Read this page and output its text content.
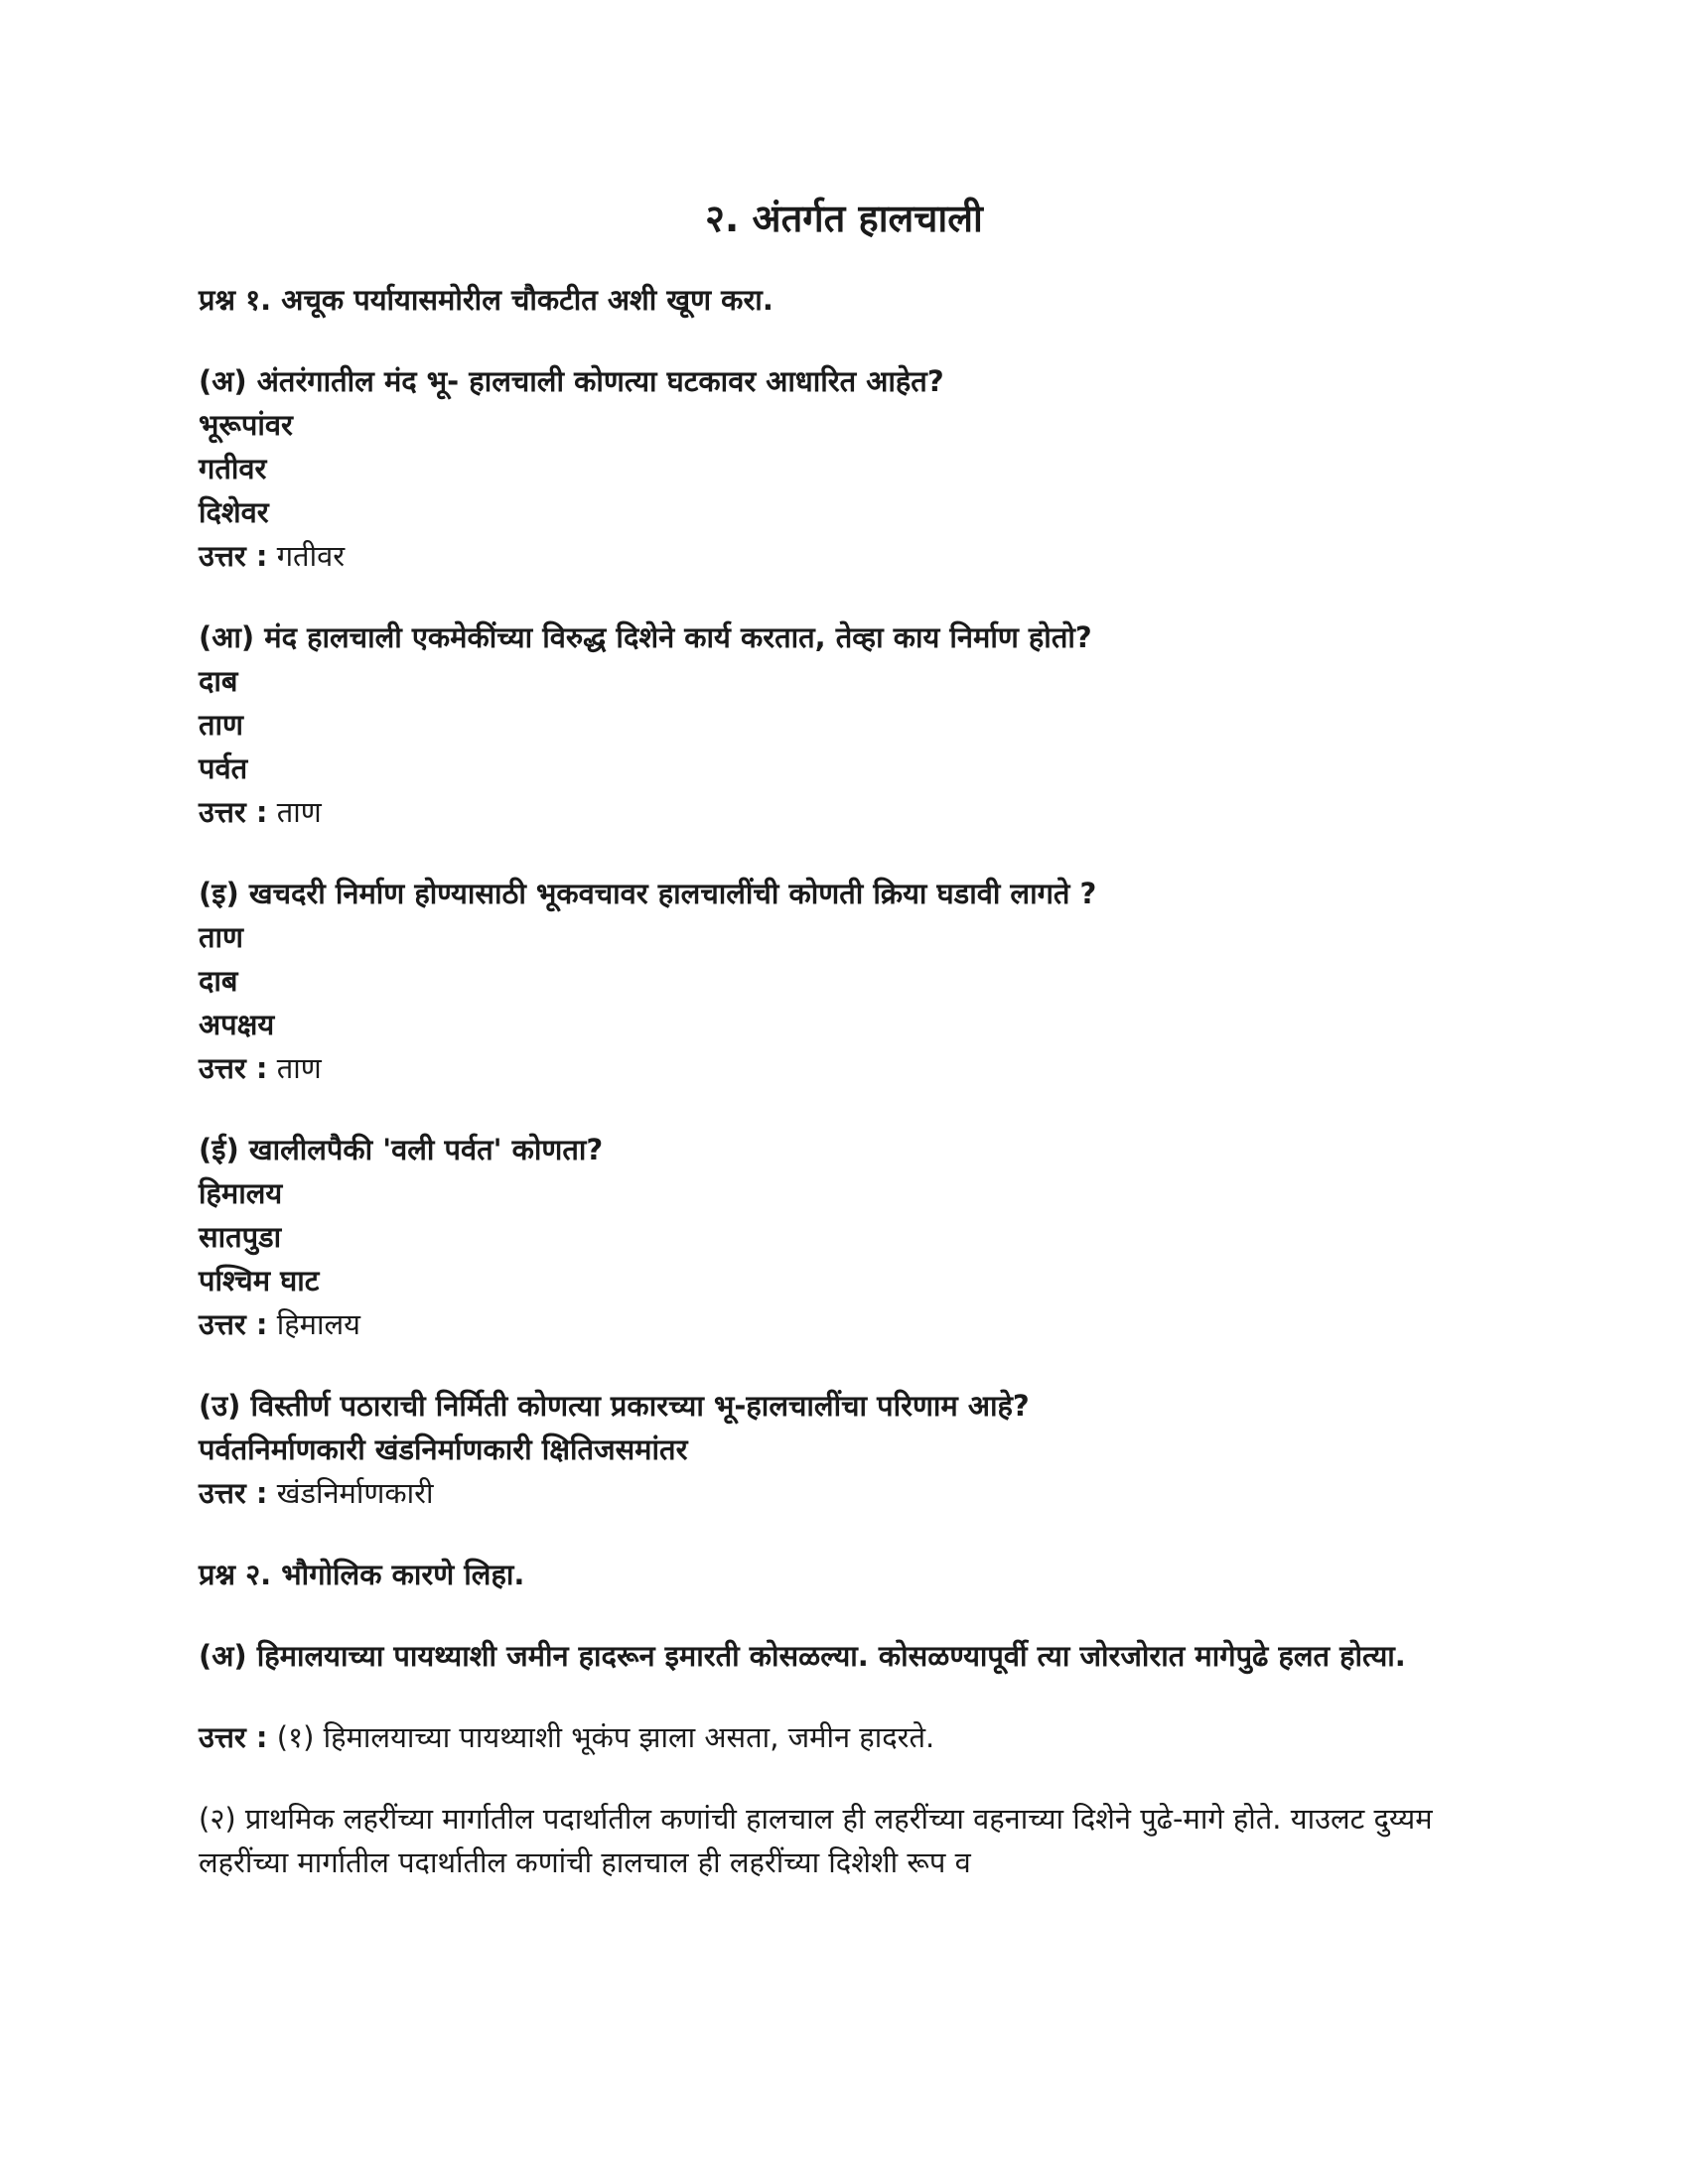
२. अंतर्गत हालचाली
प्रश्न १. अचूक पर्यायासमोरील चौकटीत अशी खूण करा.
(अ) अंतरंगातील मंद भू- हालचाली कोणत्या घटकावर आधारित आहेत?
भूरूपांवर
गतीवर
दिशेवर
उत्तर : गतीवर
(आ) मंद हालचाली एकमेकींच्या विरुद्ध दिशेने कार्य करतात, तेव्हा काय निर्माण होतो?
दाब
ताण
पर्वत
उत्तर : ताण
(इ) खचदरी निर्माण होण्यासाठी भूकवचावर हालचालींची कोणती क्रिया घडावी लागते ?
ताण
दाब
अपक्षय
उत्तर : ताण
(ई) खालीलपैकी 'वली पर्वत' कोणता?
हिमालय
सातपुडा
पश्चिम घाट
उत्तर : हिमालय
(उ) विस्तीर्ण पठाराची निर्मिती कोणत्या प्रकारच्या भू-हालचालींचा परिणाम आहे?
पर्वतनिर्माणकारी खंडनिर्माणकारी क्षितिजसमांतर
उत्तर : खंडनिर्माणकारी
प्रश्न २. भौगोलिक कारणे लिहा.
(अ) हिमालयाच्या पायथ्याशी जमीन हादरून इमारती कोसळल्या. कोसळण्यापूर्वी त्या जोरजोरात मागेपुढे हलत होत्या.
उत्तर : (१) हिमालयाच्या पायथ्याशी भूकंप झाला असता, जमीन हादरते.
(२) प्राथमिक लहरींच्या मार्गातील पदार्थातील कणांची हालचाल ही लहरींच्या वहनाच्या दिशेने पुढे-मागे होते. याउलट दुय्यम लहरींच्या मार्गातील पदार्थातील कणांची हालचाल ही लहरींच्या दिशेशी रूप व
